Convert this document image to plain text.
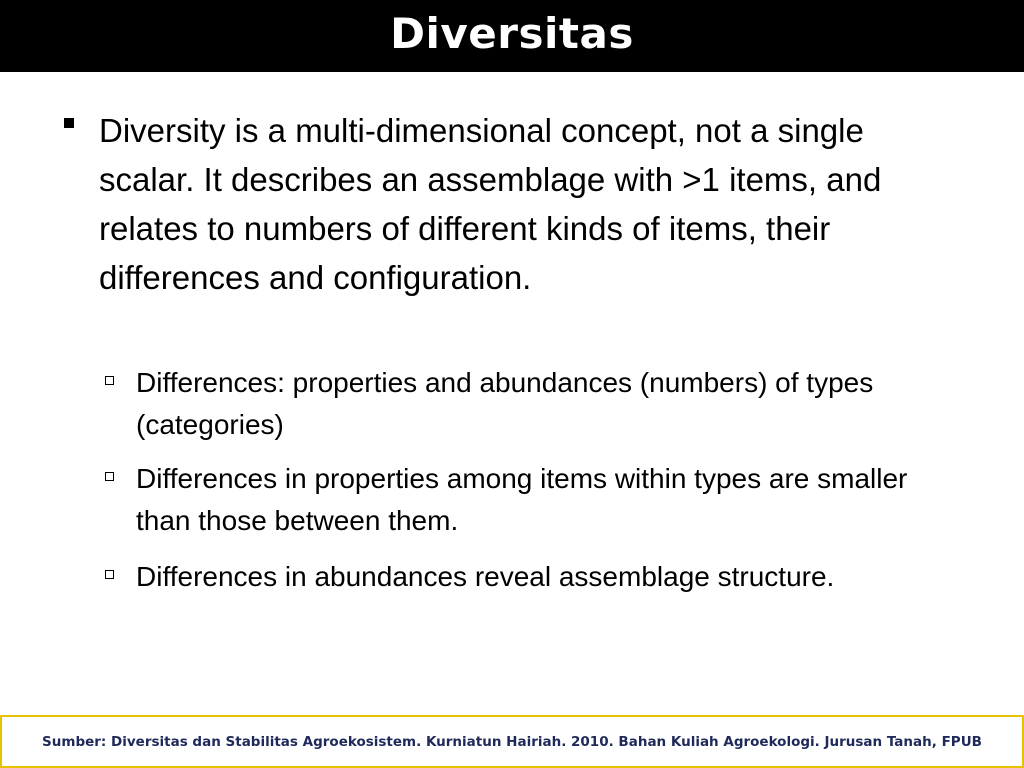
Diversitas

Diversity is a multi-dimensional concept, not a single scalar. It describes an assemblage with >1 items, and relates to numbers of different kinds of items, their differences and configuration.

Differences: properties and abundances (numbers) of types (categories)

Differences in properties among items within types are smaller than those between them.

Differences in abundances reveal assemblage structure.

Sumber: Diversitas dan Stabilitas Agroekosistem. Kurniatun Hairiah. 2010. Bahan Kuliah Agroekologi. Jurusan Tanah, FPUB
